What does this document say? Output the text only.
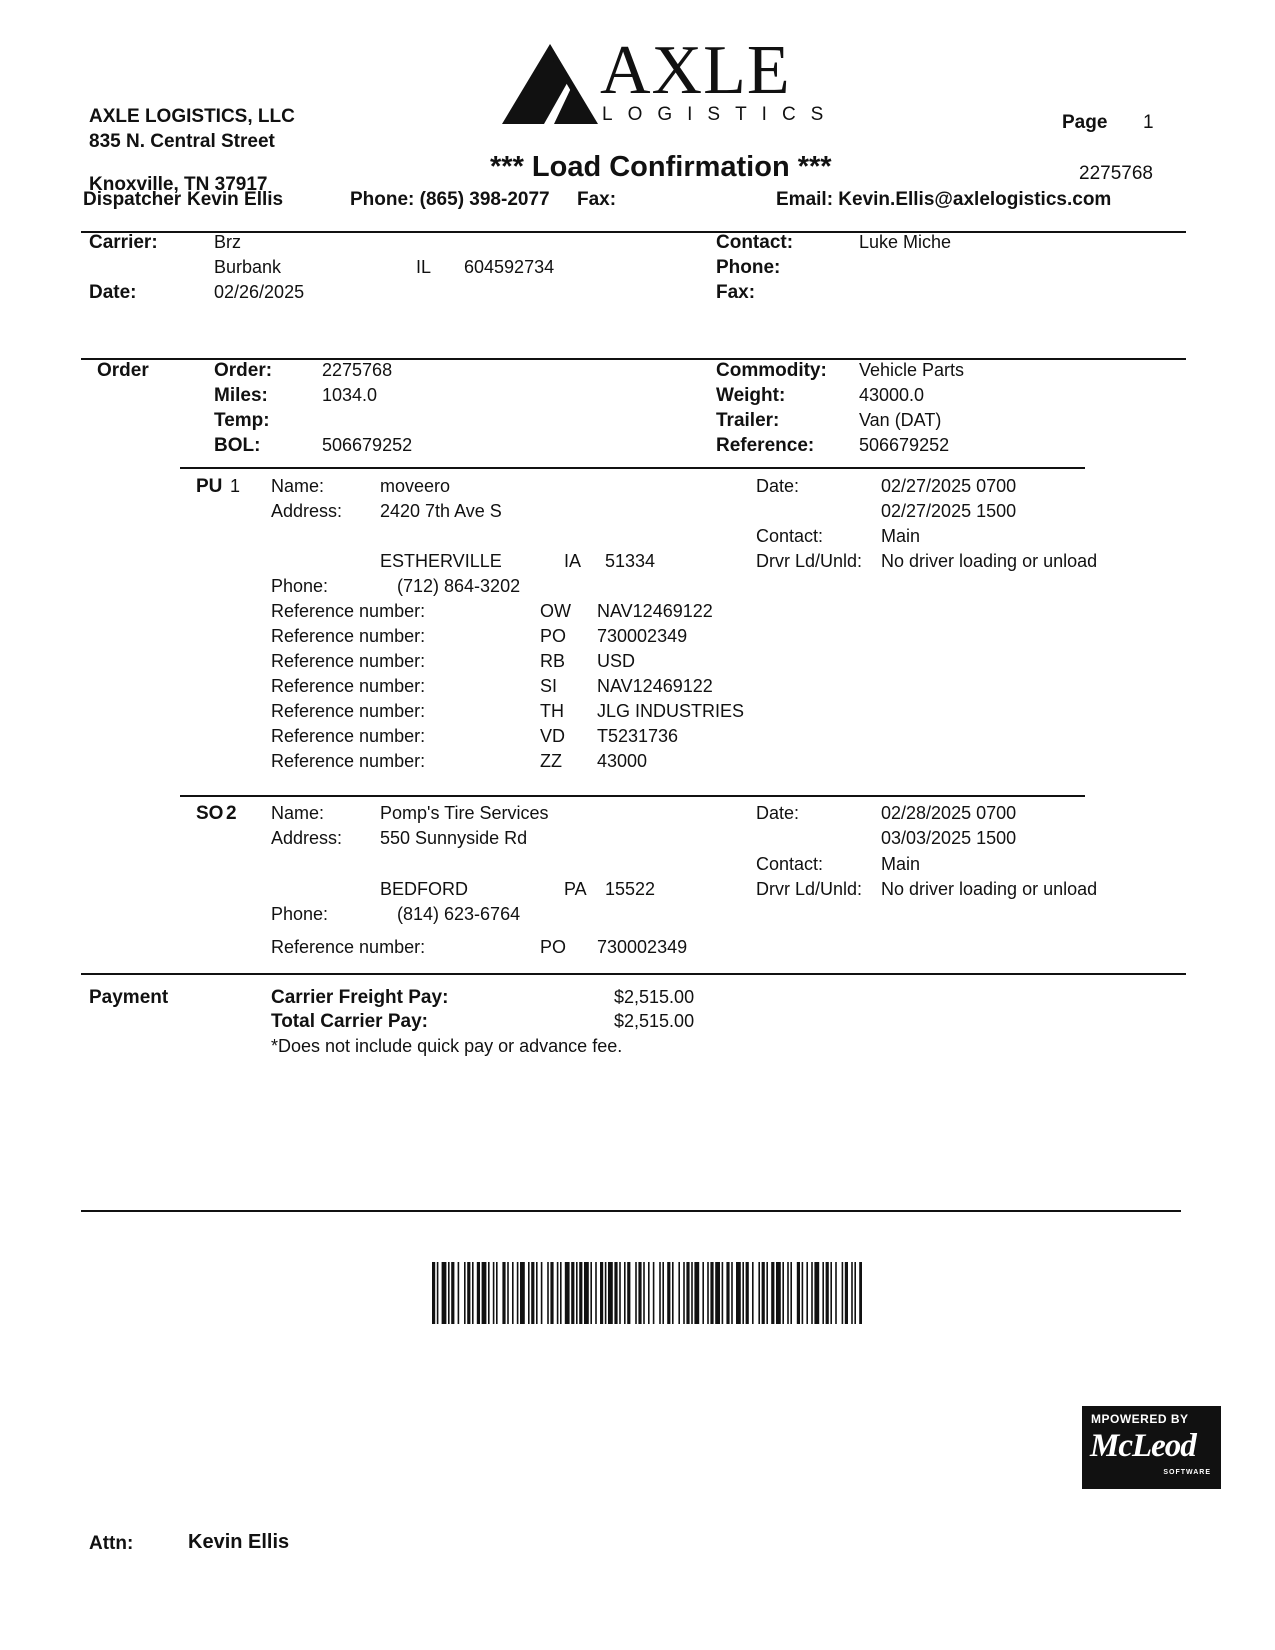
AXLE LOGISTICS, LLC
835 N. Central Street
Knoxville, TN 37917
AXLE
LOGISTICS	Page 1
*** Load Confirmation ***	2275768
Dispatcher Kevin Ellis	Phone: (865) 398-2077 Fax:	Email: Kevin.Ellis@axlelogistics.com
Carrier:	Brz
Burbank	IL 604592734
Date:	02/26/2025
Contact:	Luke Miche
Phone:
Fax:
Order	Order:	2275768
Miles:	1034.0
Temp:
BOL:	506679252
Commodity: Vehicle Parts
Weight:	43000.0
Trailer:	Van (DAT)
Reference: 506679252
PU 1 Name:	moveero
Address: 2420 7th Ave S
ESTHERVILLE	IA 51334
Phone:	(712) 864-3202
Date:	02/27/2025 0700
02/27/2025 1500
Contact:	Main
Drvr Ld/Unld: No driver loading or unload
Reference number:	OW NAV12469122
Reference number:	PO 730002349
Reference number:	RB USD
Reference number:	SI NAV12469122
Reference number:	TH JLG INDUSTRIES
Reference number:	VD T5231736
Reference number:	ZZ 43000
SO 2 Name:	Pomp's Tire Services
Address: 550 Sunnyside Rd
BEDFORD	PA 15522
Phone:	(814) 623-6764
Date:	02/28/2025 0700
03/03/2025 1500
Contact:	Main
Drvr Ld/Unld: No driver loading or unload
Reference number:	PO 730002349
Payment	Carrier Freight Pay:	$2,515.00
Total Carrier Pay:	$2,515.00
*Does not include quick pay or advance fee.
MPOWERED BY
McLeod
SOFTWARE
Attn:	Kevin Ellis
